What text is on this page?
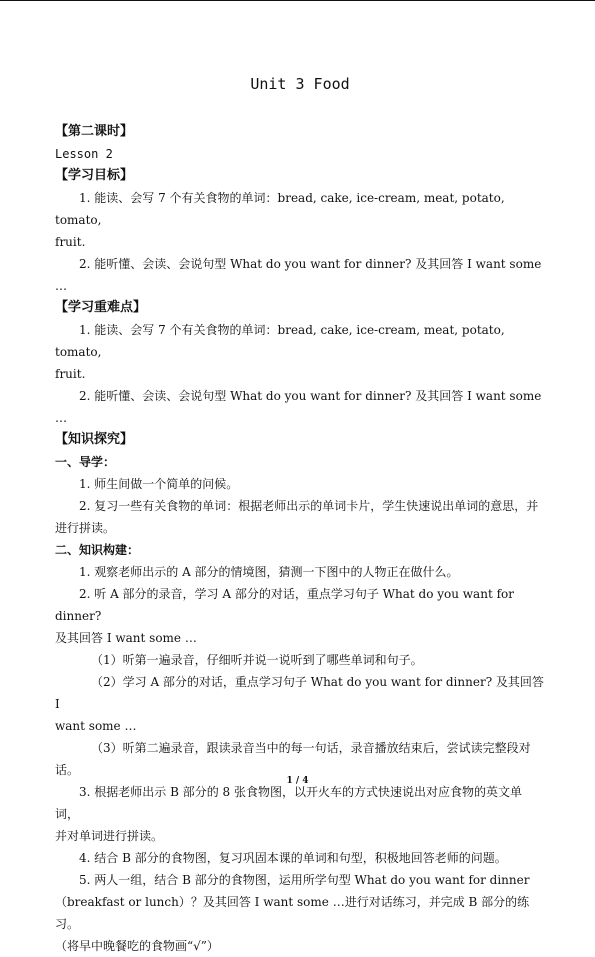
Unit 3 Food
【第二课时】
Lesson 2
【学习目标】
1. 能读、会写 7 个有关食物的单词：bread, cake, ice-cream, meat, potato, tomato,
fruit.
2. 能听懂、会读、会说句型 What do you want for dinner? 及其回答 I want some …
【学习重难点】
1. 能读、会写 7 个有关食物的单词：bread, cake, ice-cream, meat, potato, tomato,
fruit.
2. 能听懂、会读、会说句型 What do you want for dinner? 及其回答 I want some …
【知识探究】
一、导学：
1. 师生间做一个简单的问候。
2. 复习一些有关食物的单词：根据老师出示的单词卡片，学生快速说出单词的意思，并
进行拼读。
二、知识构建：
1. 观察老师出示的 A 部分的情境图，猜测一下图中的人物正在做什么。
2. 听 A 部分的录音，学习 A 部分的对话，重点学习句子 What do you want for dinner?
及其回答 I want some …
（1）听第一遍录音，仔细听并说一说听到了哪些单词和句子。
（2）学习 A 部分的对话，重点学习句子 What do you want for dinner? 及其回答 I
want some …
（3）听第二遍录音，跟读录音当中的每一句话，录音播放结束后，尝试读完整段对话。
3. 根据老师出示 B 部分的 8 张食物图，以开火车的方式快速说出对应食物的英文单词，
并对单词进行拼读。
4. 结合 B 部分的食物图，复习巩固本课的单词和句型，积极地回答老师的问题。
5. 两人一组，结合 B 部分的食物图，运用所学句型 What do you want for dinner
（breakfast or lunch）？及其回答 I want some …进行对话练习，并完成 B 部分的练习。
（将早中晚餐吃的食物画“√”）
1 / 4
